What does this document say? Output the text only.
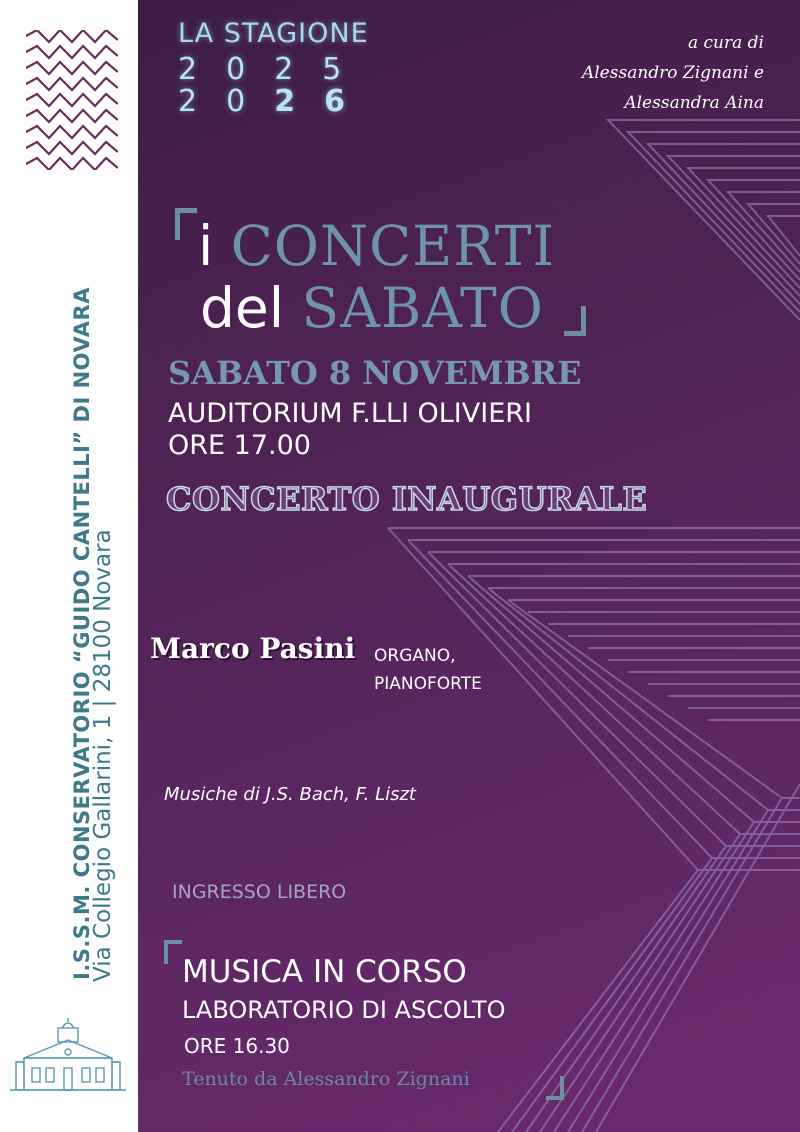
I.S.S.M. CONSERVATORIO “GUIDO CANTELLI” DI NOVARA
Via Collegio Gallarini, 1 | 28100 Novara
LA STAGIONE
2025
2026
a cura di
Alessandro Zignani e
Alessandra Aina
i CONCERTI
del SABATO
SABATO 8 NOVEMBRE
AUDITORIUM F.LLI OLIVIERI
ORE 17.00
CONCERTO INAUGURALE
Marco Pasini ORGANO,
PIANOFORTE
Musiche di J.S. Bach, F. Liszt
INGRESSO LIBERO
MUSICA IN CORSO
LABORATORIO DI ASCOLTO
ORE 16.30
Tenuto da Alessandro Zignani
